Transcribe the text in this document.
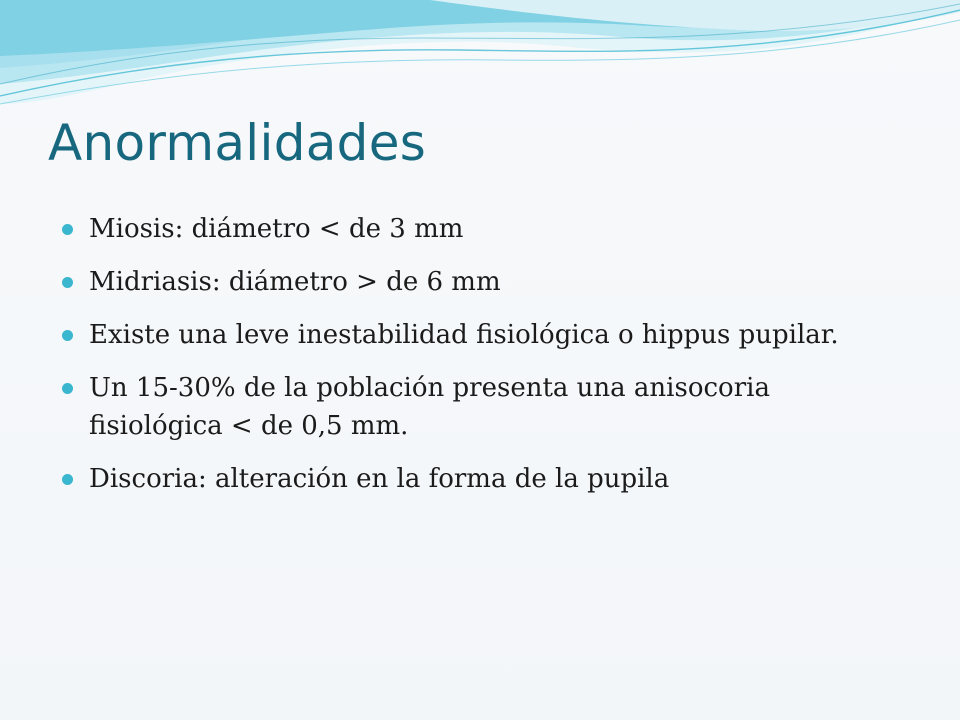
Anormalidades
Miosis: diámetro < de 3 mm
Midriasis: diámetro > de 6 mm
Existe una leve inestabilidad fisiológica o hippus pupilar.
Un 15-30% de la población presenta una anisocoria fisiológica < de 0,5 mm.
Discoria: alteración en la forma de la pupila
